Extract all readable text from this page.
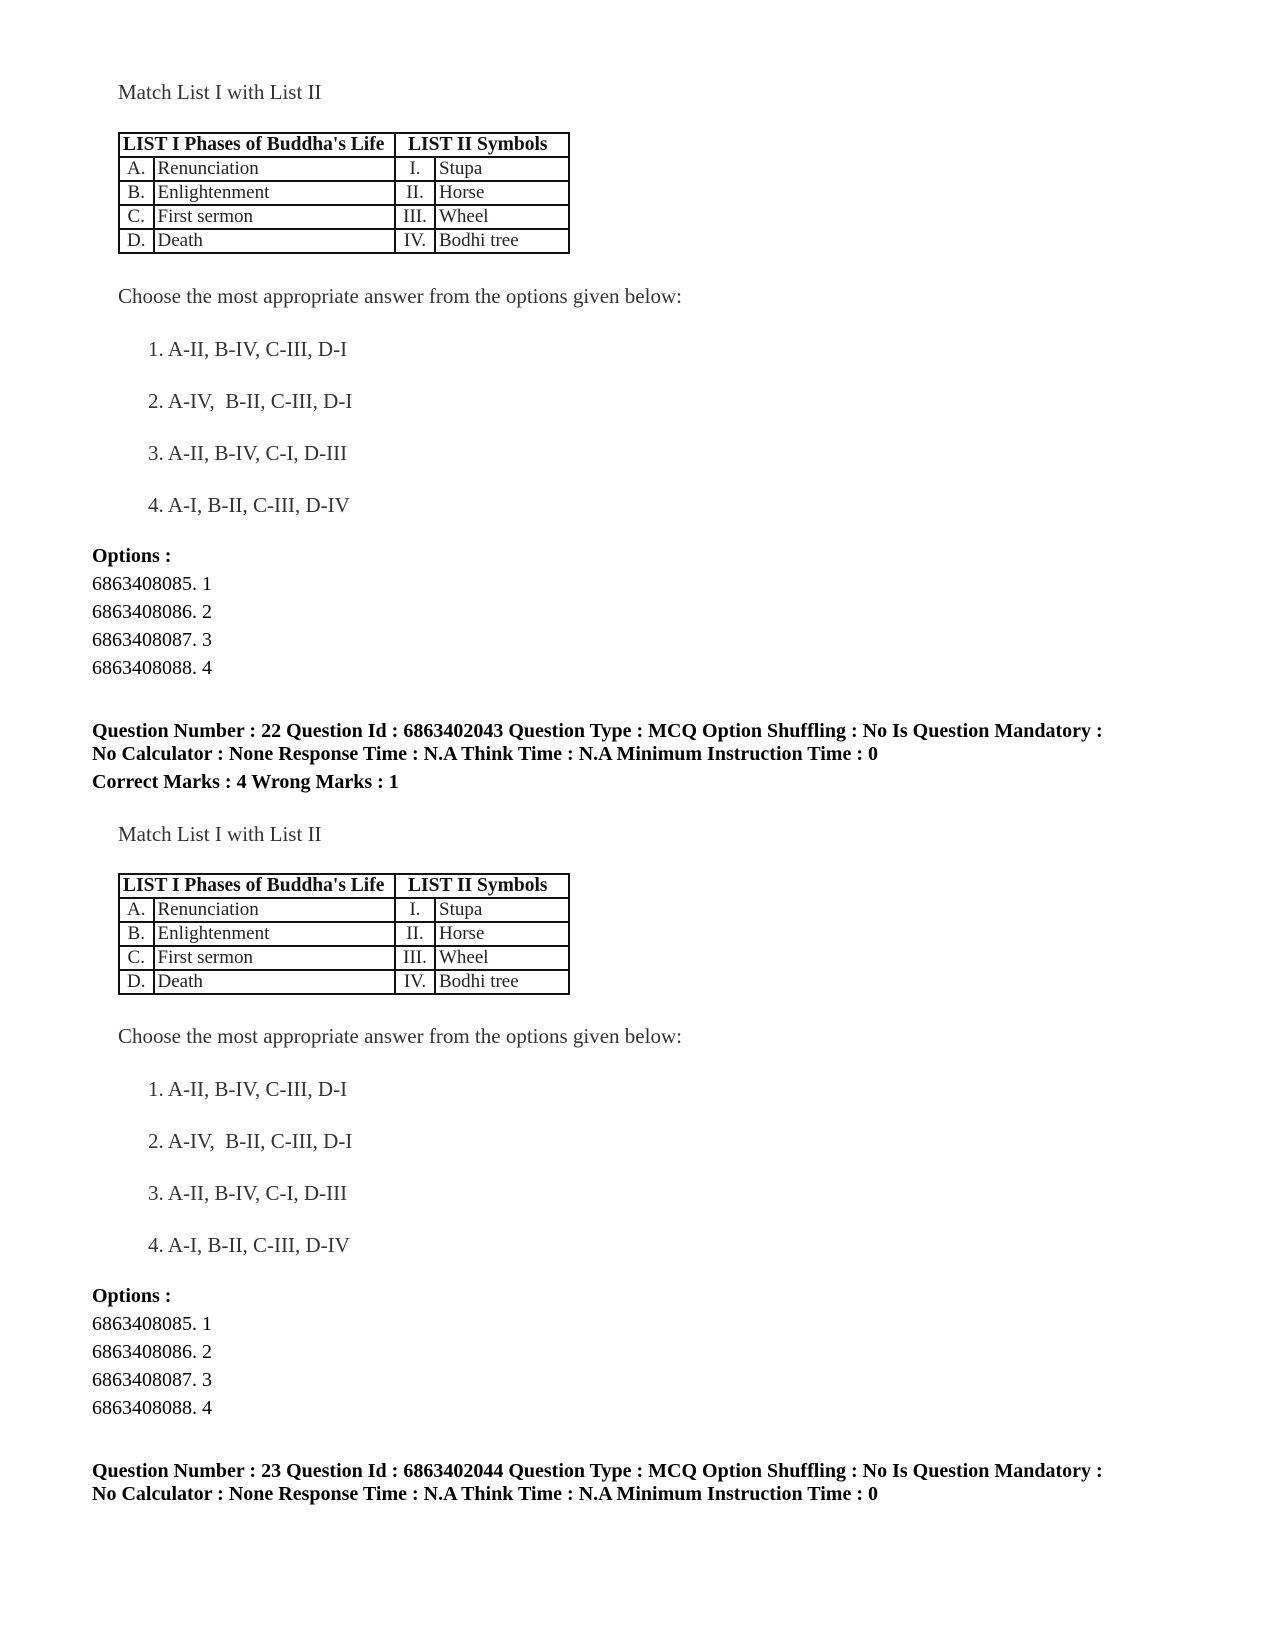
Match List I with List II
LIST I Phases of Buddha's Life		LIST II Symbols	
A.	Renunciation	I.	Stupa
B.	Enlightenment	II.	Horse
C.	First sermon	III.	Wheel
D.	Death	IV.	Bodhi tree
Choose the most appropriate answer from the options given below:
1. A-II, B-IV, C-III, D-I
2. A-IV,  B-II, C-III, D-I
3. A-II, B-IV, C-I, D-III
4. A-I, B-II, C-III, D-IV
Options :
6863408085. 1
6863408086. 2
6863408087. 3
6863408088. 4
Question Number : 22 Question Id : 6863402043 Question Type : MCQ Option Shuffling : No Is Question Mandatory :
No Calculator : None Response Time : N.A Think Time : N.A Minimum Instruction Time : 0
Correct Marks : 4 Wrong Marks : 1
Match List I with List II
LIST I Phases of Buddha's Life		LIST II Symbols	
A.	Renunciation	I.	Stupa
B.	Enlightenment	II.	Horse
C.	First sermon	III.	Wheel
D.	Death	IV.	Bodhi tree
Choose the most appropriate answer from the options given below:
1. A-II, B-IV, C-III, D-I
2. A-IV,  B-II, C-III, D-I
3. A-II, B-IV, C-I, D-III
4. A-I, B-II, C-III, D-IV
Options :
6863408085. 1
6863408086. 2
6863408087. 3
6863408088. 4
Question Number : 23 Question Id : 6863402044 Question Type : MCQ Option Shuffling : No Is Question Mandatory :
No Calculator : None Response Time : N.A Think Time : N.A Minimum Instruction Time : 0
